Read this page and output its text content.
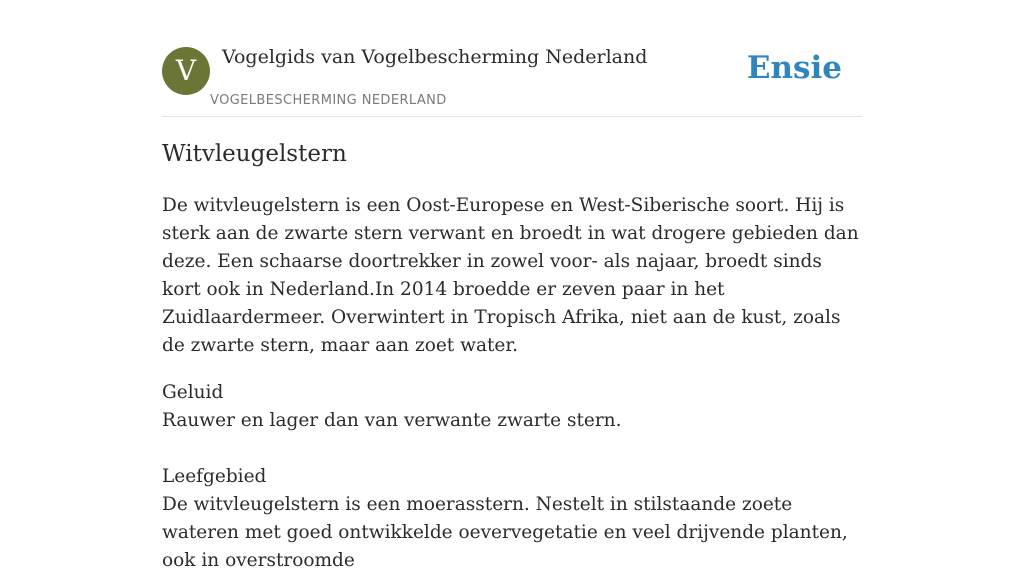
V	Vogelgids van Vogelbescherming Nederland
VOGELBESCHERMING NEDERLAND
Ensie
Witvleugelstern

De witvleugelstern is een Oost-Europese en West-Siberische soort. Hij is sterk aan de zwarte stern verwant en broedt in wat drogere gebieden dan deze. Een schaarse doortrekker in zowel voor- als najaar, broedt sinds kort ook in Nederland.In 2014 broedde er zeven paar in het Zuidlaardermeer. Overwintert in Tropisch Afrika, niet aan de kust, zoals de zwarte stern, maar aan zoet water.

Geluid
Rauwer en lager dan van verwante zwarte stern.
Leefgebied
De witvleugelstern is een moerasstern. Nestelt in stilstaande zoete wateren met goed ontwikkelde oevervegetatie en veel drijvende planten, ook in overstroomde
